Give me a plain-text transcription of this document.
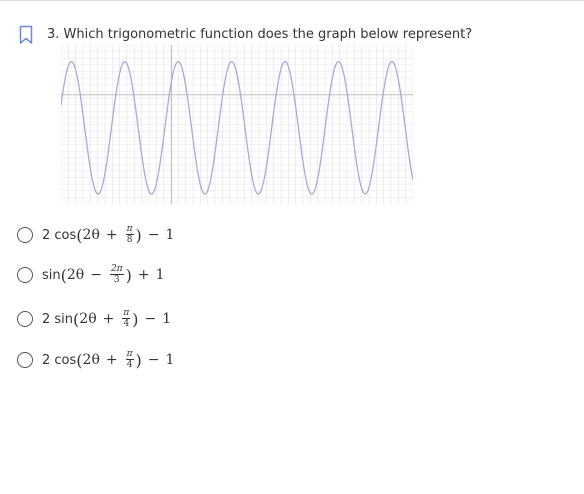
3. Which trigonometric function does the graph below represent?
2 cos ( $2\theta + \frac{\pi}{8}$ ) − 1
sin ( $2\theta - \frac{2\pi}{3}$ ) + 1
2 sin ( $2\theta + \frac{\pi}{4}$ ) − 1
2 cos ( $2\theta + \frac{\pi}{4}$ ) − 1
